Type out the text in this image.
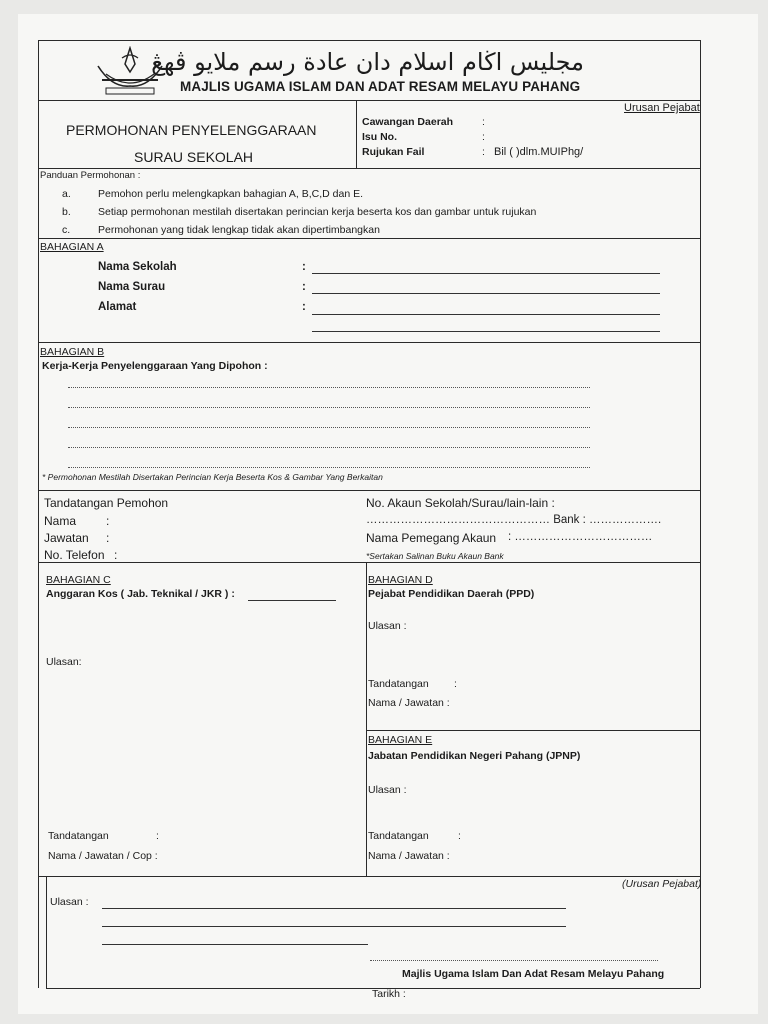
مجليس اڬام اسلام دان عادة رسم ملايو ڤهڠ
MAJLIS UGAMA ISLAM DAN ADAT RESAM MELAYU PAHANG
PERMOHONAN PENYELENGGARAAN
SURAU SEKOLAH
Urusan Pejabat
Cawangan Daerah	:
Isu No.	:
Rujukan Fail	: Bil ( )dlm.MUIPhg/
Panduan Permohonan :
a.	Pemohon perlu melengkapkan bahagian A, B,C,D dan E.
b.	Setiap permohonan mestilah disertakan perincian kerja beserta kos dan gambar untuk rujukan
c.	Permohonan yang tidak lengkap tidak akan dipertimbangkan
BAHAGIAN A
Nama Sekolah	:
Nama Surau	:
Alamat	:
BAHAGIAN B
Kerja-Kerja Penyelenggaraan Yang Dipohon :
* Permohonan Mestilah Disertakan Perincian Kerja Beserta Kos & Gambar Yang Berkaitan
Tandatangan Pemohon
Nama :
Jawatan :
No. Telefon :
No. Akaun Sekolah/Surau/lain-lain :
………………………………………… Bank : ……………….
Nama Pemegang Akaun : ………………………………
*Sertakan Salinan Buku Akaun Bank
BAHAGIAN C
Anggaran Kos ( Jab. Teknikal / JKR ) :
Ulasan:
Tandatangan	:
Nama / Jawatan / Cop :
BAHAGIAN D
Pejabat Pendidikan Daerah (PPD)
Ulasan :
Tandatangan :
Nama / Jawatan :
BAHAGIAN E
Jabatan Pendidikan Negeri Pahang (JPNP)
Ulasan :
Tandatangan	:
Nama / Jawatan :
(Urusan Pejabat)
Ulasan :
Majlis Ugama Islam Dan Adat Resam Melayu Pahang
Tarikh :
